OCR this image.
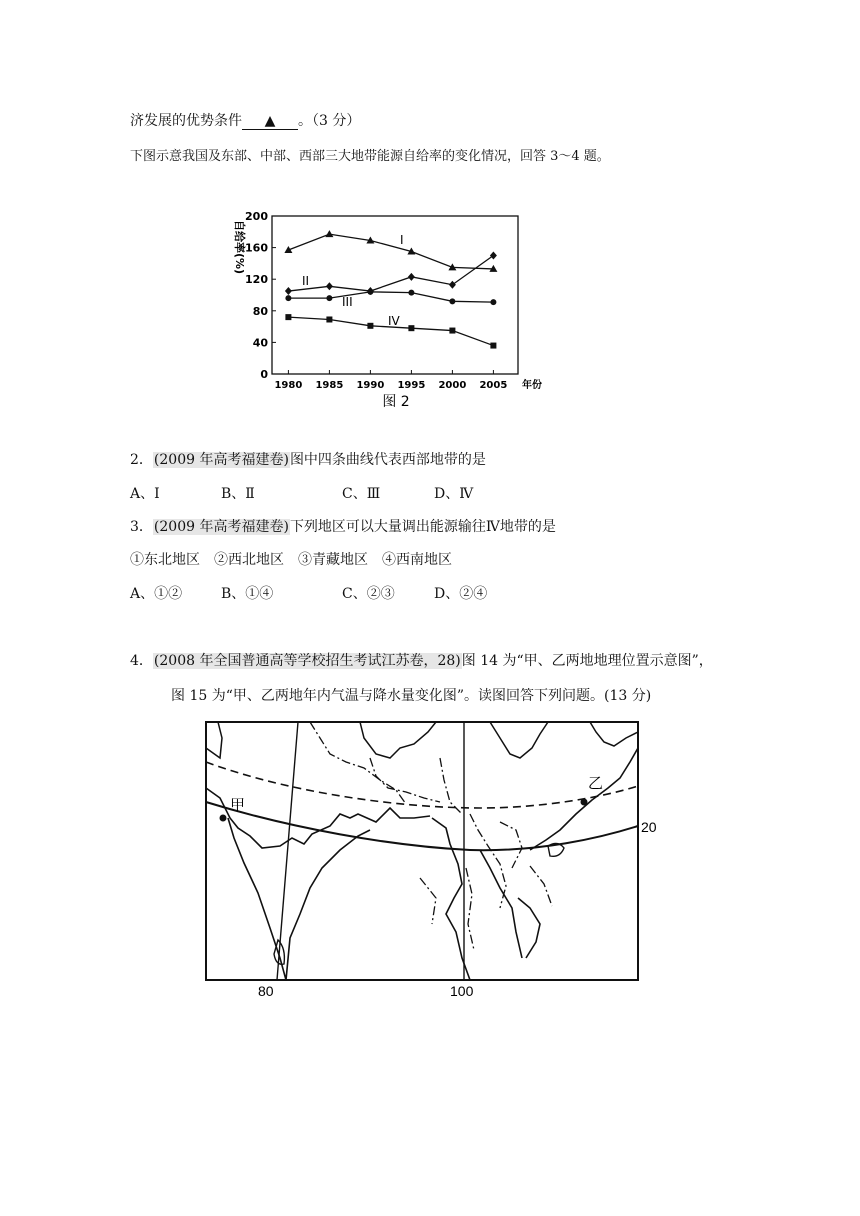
济发展的优势条件 ▲ 。（3 分）
下图示意我国及东部、中部、西部三大地带能源自给率的变化情况，回答 3～4 题。
0
40
80
120
160
200
1980 1985 1990 1995 2000 2005 年份
自给率(%)
图 2
I
II
III
IV
2．(2009 年高考福建卷)图中四条曲线代表西部地带的是
A、Ⅰ	B、Ⅱ	C、Ⅲ	D、Ⅳ
3．(2009 年高考福建卷)下列地区可以大量调出能源输往Ⅳ地带的是
①东北地区　②西北地区　③青藏地区　④西南地区
A、①②	B、①④	C、②③	D、②④
4．(2008 年全国普通高等学校招生考试江苏卷，28)图 14 为“甲、乙两地地理位置示意图”，
图 15 为“甲、乙两地年内气温与降水量变化图”。读图回答下列问题。(13 分)
甲
乙
20
80	100
